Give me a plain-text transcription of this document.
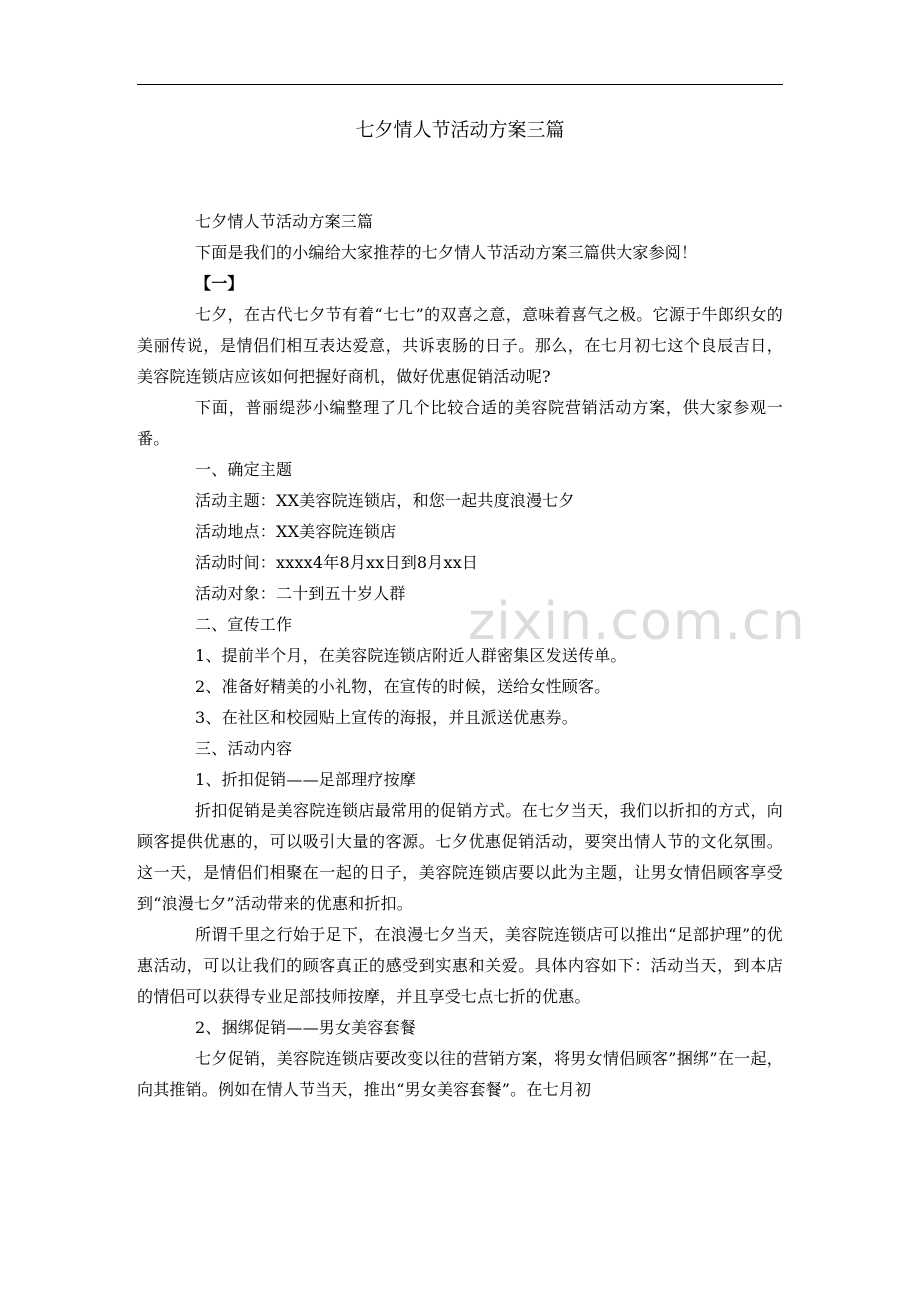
七夕情人节活动方案三篇

七夕情人节活动方案三篇

下面是我们的小编给大家推荐的七夕情人节活动方案三篇供大家参阅！

【一】

七夕，在古代七夕节有着“七七”的双喜之意，意味着喜气之极。它源于牛郎织女的美丽传说，是情侣们相互表达爱意，共诉衷肠的日子。那么，在七月初七这个良辰吉日，美容院连锁店应该如何把握好商机，做好优惠促销活动呢?

下面，普丽缇莎小编整理了几个比较合适的美容院营销活动方案，供大家参观一番。

一、确定主题

活动主题：XX美容院连锁店，和您一起共度浪漫七夕

活动地点：XX美容院连锁店

活动时间：xxxx4年8月xx日到8月xx日

活动对象：二十到五十岁人群

二、宣传工作

1、提前半个月，在美容院连锁店附近人群密集区发送传单。

2、准备好精美的小礼物，在宣传的时候，送给女性顾客。

3、在社区和校园贴上宣传的海报，并且派送优惠券。

三、活动内容

1、折扣促销——足部理疗按摩

折扣促销是美容院连锁店最常用的促销方式。在七夕当天，我们以折扣的方式，向顾客提供优惠的，可以吸引大量的客源。七夕优惠促销活动，要突出情人节的文化氛围。这一天，是情侣们相聚在一起的日子，美容院连锁店要以此为主题，让男女情侣顾客享受到“浪漫七夕”活动带来的优惠和折扣。

所谓千里之行始于足下，在浪漫七夕当天，美容院连锁店可以推出“足部护理”的优惠活动，可以让我们的顾客真正的感受到实惠和关爱。具体内容如下：活动当天，到本店的情侣可以获得专业足部技师按摩，并且享受七点七折的优惠。

2、捆绑促销——男女美容套餐

七夕促销，美容院连锁店要改变以往的营销方案，将男女情侣顾客”捆绑”在一起，向其推销。例如在情人节当天，推出“男女美容套餐”。在七月初

zixin.com.cn
